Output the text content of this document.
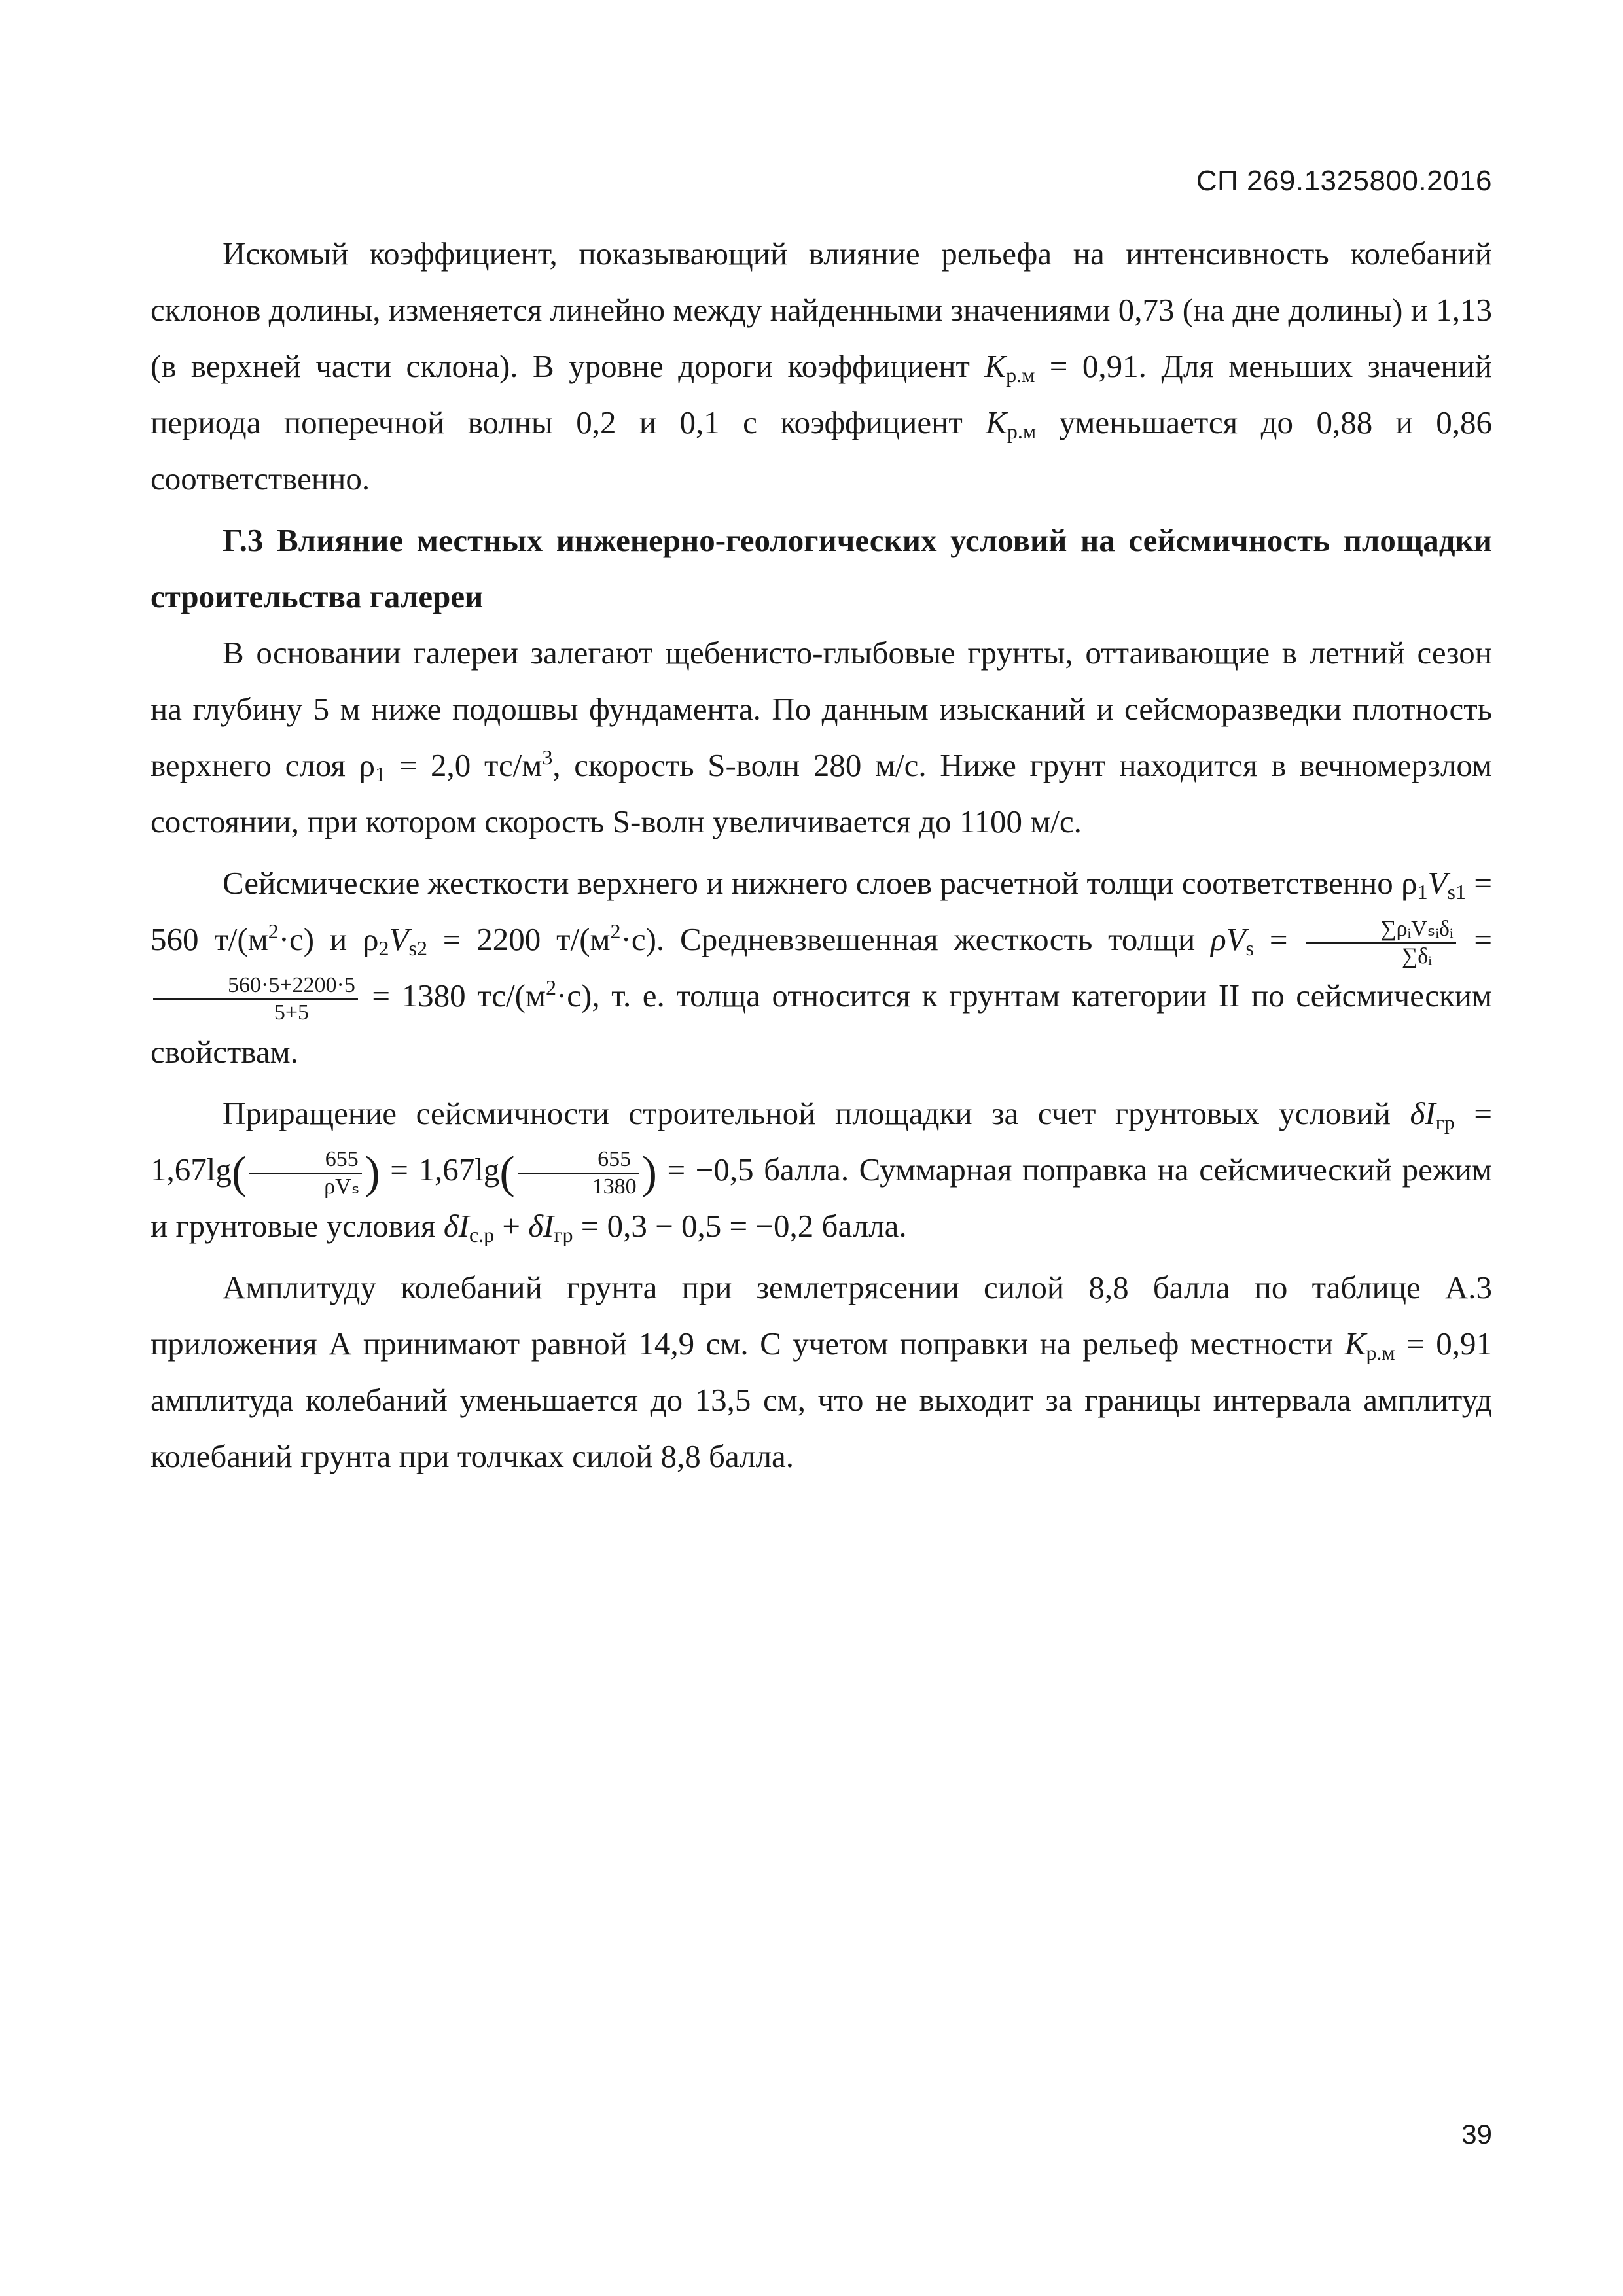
СП 269.1325800.2016

Искомый коэффициент, показывающий влияние рельефа на интенсивность колебаний склонов долины, изменяется линейно между найденными значениями 0,73 (на дне долины) и 1,13 (в верхней части склона). В уровне дороги коэффициент $K_{р.м} = 0,91$. Для меньших значений периода поперечной волны 0,2 и 0,1 с коэффициент $K_{р.м}$ уменьшается до 0,88 и 0,86 соответственно.

Г.3 Влияние местных инженерно-геологических условий на сейсмичность площадки строительства галереи

В основании галереи залегают щебенисто-глыбовые грунты, оттаивающие в летний сезон на глубину 5 м ниже подошвы фундамента. По данным изысканий и сейсморазведки плотность верхнего слоя $\rho_1 = 2,0$ $тс/м^3$, скорость S-волн 280 м/с. Ниже грунт находится в вечномерзлом состоянии, при котором скорость S-волн увеличивается до 1100 м/с.

Сейсмические жесткости верхнего и нижнего слоев расчетной толщи соответственно $\rho_1V_{s1} = 560$ $т/(м^2\cdot с)$ и $\rho_2V_{s2} = 2200$ $т/(м^2\cdot с)$. Средневзвешенная жесткость толщи $\rho V_s = \frac{\text{∑ρᵢVₛᵢδᵢ}}{\text{∑δᵢ}}$ =
$\frac{560\cdot 5+2200\cdot 5}{5+5} = 1380$ $тс/(м^2\cdot с)$, т. е. толща относится к грунтам категории II по сейсмическим свойствам.

Приращение сейсмичности строительной площадки за счет грунтовых условий $\delta I_{гр} = 1,67\lg( \frac{655}{\text{ρVₛ}}$ ) = $1,67\lg( \frac{655}{1380}$ ) = −0,5 балла. Суммарная поправка на сейсмический режим и грунтовые условия $\delta I_{с.р} + \delta I_{гр} = 0,3 - 0,5 = -0,2$ балла.

Амплитуду колебаний грунта при землетрясении силой 8,8 балла по таблице А.3 приложения А принимают равной 14,9 см. С учетом поправки на рельеф местности $K_{р.м} = 0,91$ амплитуда колебаний уменьшается до 13,5 см, что не выходит за границы интервала амплитуд колебаний грунта при толчках силой 8,8 балла.

39
